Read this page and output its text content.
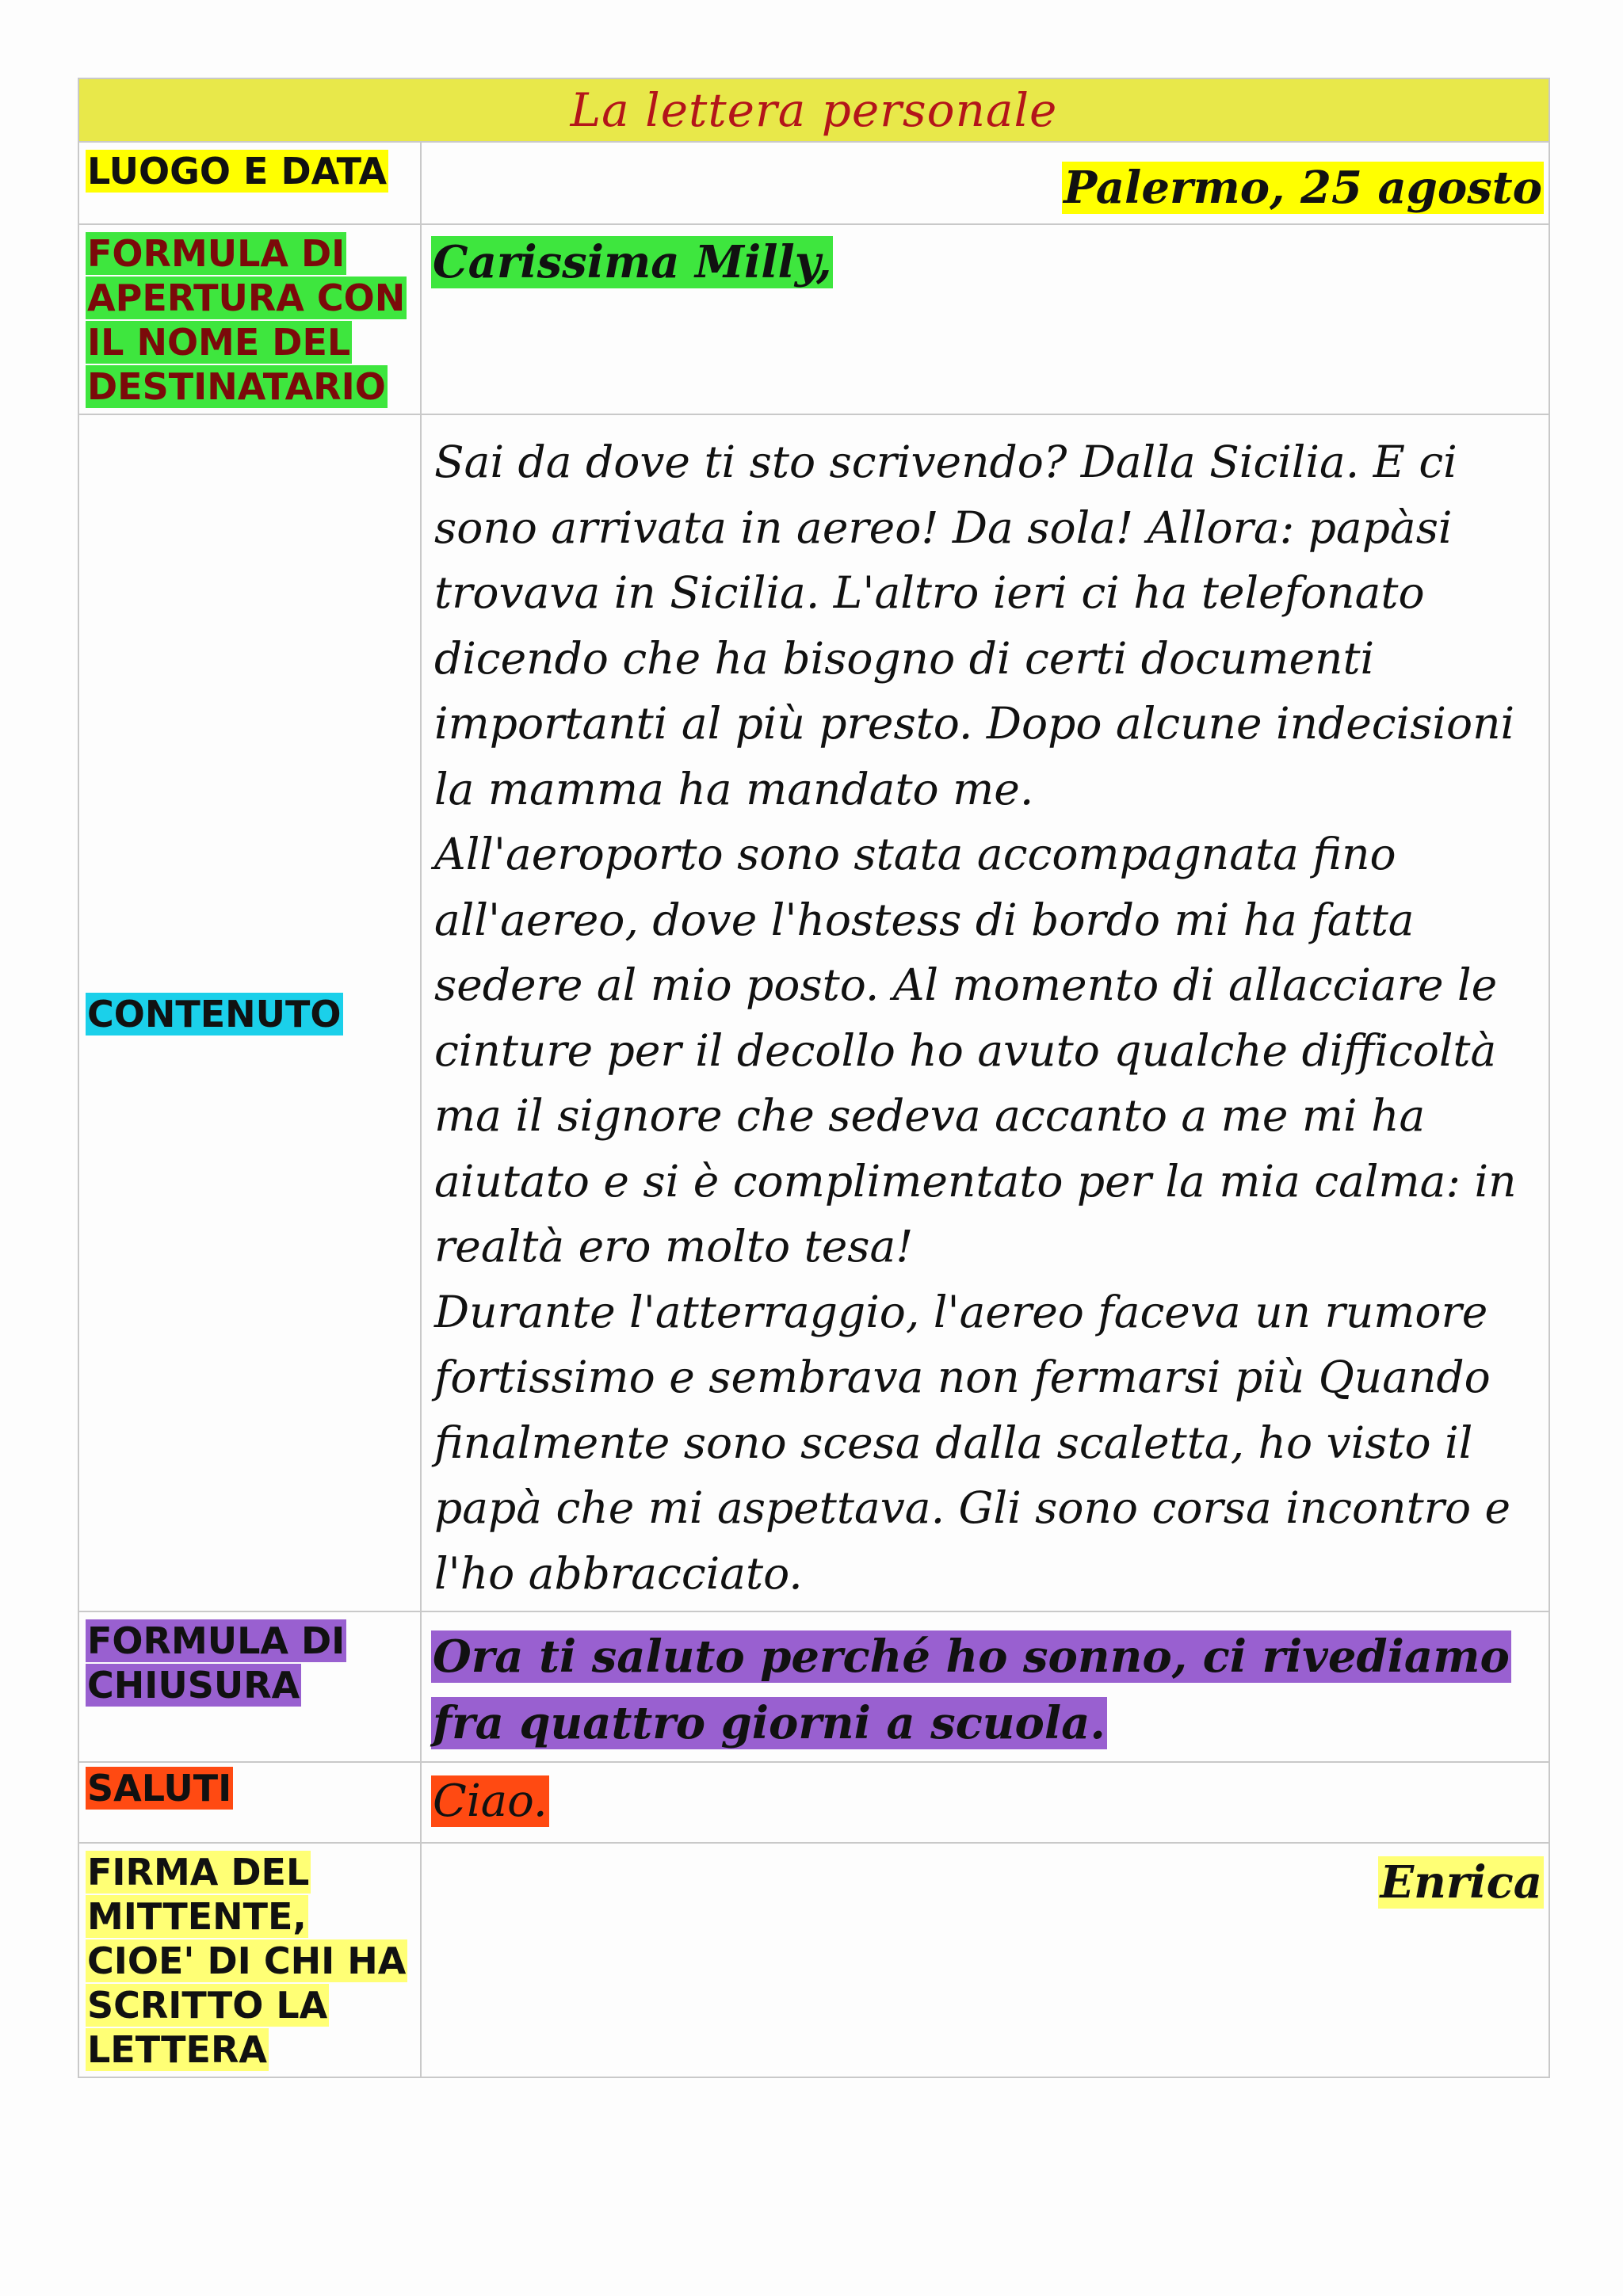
La lettera personale	
LUOGO E DATA	Palermo, 25 agosto
FORMULA DI APERTURA CON IL NOME DEL DESTINATARIO	Carissima Milly,
CONTENUTO	Sai da dove ti sto scrivendo? Dalla Sicilia. E ci sono arrivata in aereo! Da sola! Allora: papàsi trovava in Sicilia. L'altro ieri ci ha telefonato dicendo che ha bisogno di certi documenti importanti al più presto. Dopo alcune indecisioni la mamma ha mandato me.

All'aeroporto sono stata accompagnata fino all'aereo, dove l'hostess di bordo mi ha fatta sedere al mio posto. Al momento di allacciare le cinture per il decollo ho avuto qualche difficoltà ma il signore che sedeva accanto a me mi ha aiutato e si è complimentato per la mia calma: in realtà ero molto tesa!

Durante l'atterraggio, l'aereo faceva un rumore fortissimo e sembrava non fermarsi più Quando finalmente sono scesa dalla scaletta, ho visto il papà che mi aspettava. Gli sono corsa incontro e l'ho abbracciato.

FORMULA DI CHIUSURA	Ora ti saluto perché ho sonno, ci rivediamo fra quattro giorni a scuola.

SALUTI	Ciao.
FIRMA DEL MITTENTE, CIOE' DI CHI HA SCRITTO LA LETTERA	Enrica
